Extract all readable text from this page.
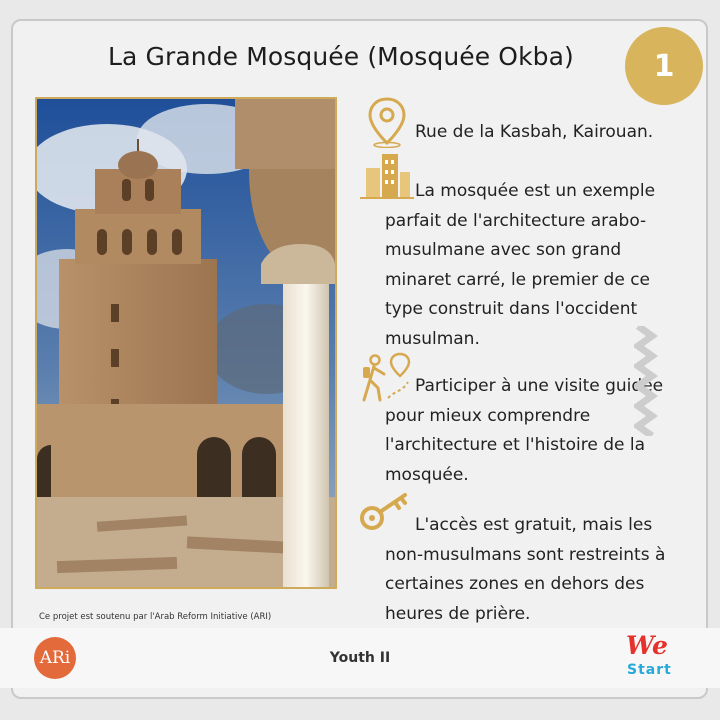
La Grande Mosquée (Mosquée Okba)	1
Ce projet est soutenu par l'Arab Reform Initiative (ARI)
Rue de la Kasbah, Kairouan.
La mosquée est un exemple
parfait de l'architecture arabo-
musulmane avec son grand
minaret carré, le premier de ce
type construit dans l'occident
musulman.
Participer à une visite guidée
pour mieux comprendre
l'architecture et l'histoire de la
mosquée.
L'accès est gratuit, mais les
non-musulmans sont restreints à
certaines zones en dehors des
heures de prière.
ARi	Youth II	We
Start
